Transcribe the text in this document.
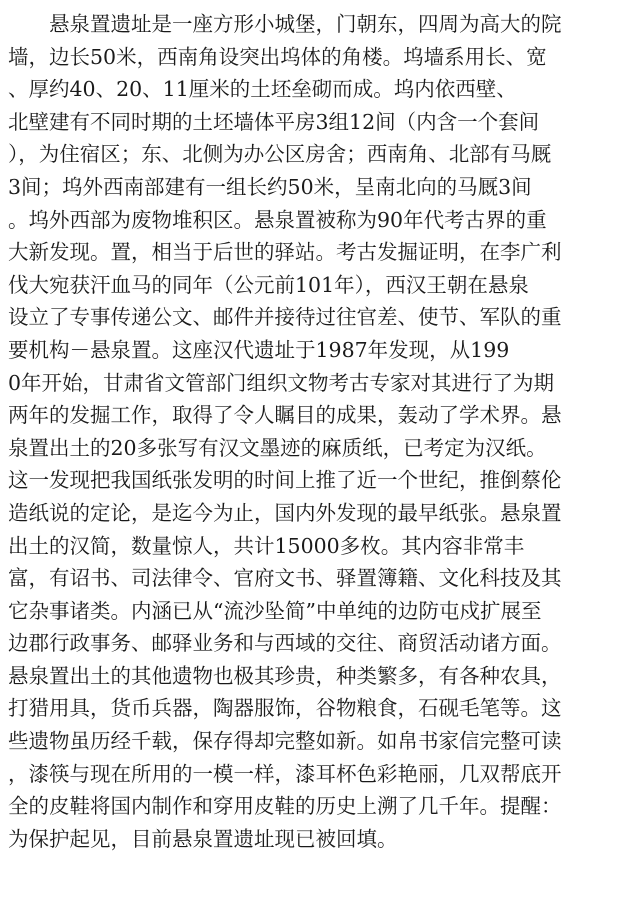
　　悬泉置遗址是一座方形小城堡，门朝东，四周为高大的院
墙，边长50米，西南角设突出坞体的角楼。坞墙系用长、宽
、厚约40、20、11厘米的土坯垒砌而成。坞内依西壁、
北壁建有不同时期的土坯墙体平房3组12间（内含一个套间
），为住宿区；东、北侧为办公区房舍；西南角、北部有马厩
3间；坞外西南部建有一组长约50米，呈南北向的马厩3间
。坞外西部为废物堆积区。悬泉置被称为90年代考古界的重
大新发现。置，相当于后世的驿站。考古发掘证明，在李广利
伐大宛获汗血马的同年（公元前101年），西汉王朝在悬泉
设立了专事传递公文、邮件并接待过往官差、使节、军队的重
要机构－悬泉置。这座汉代遗址于1987年发现，从199
0年开始，甘肃省文管部门组织文物考古专家对其进行了为期
两年的发掘工作，取得了令人瞩目的成果，轰动了学术界。悬
泉置出土的20多张写有汉文墨迹的麻质纸，已考定为汉纸。
这一发现把我国纸张发明的时间上推了近一个世纪，推倒蔡伦
造纸说的定论，是迄今为止，国内外发现的最早纸张。悬泉置
出土的汉简，数量惊人，共计15000多枚。其内容非常丰
富，有诏书、司法律令、官府文书、驿置簿籍、文化科技及其
它杂事诸类。内涵已从“流沙坠简”中单纯的边防屯戍扩展至
边郡行政事务、邮驿业务和与西域的交往、商贸活动诸方面。
悬泉置出土的其他遗物也极其珍贵，种类繁多，有各种农具，
打猎用具，货币兵器，陶器服饰，谷物粮食，石砚毛笔等。这
些遗物虽历经千载，保存得却完整如新。如帛书家信完整可读
，漆筷与现在所用的一模一样，漆耳杯色彩艳丽，几双帮底开
全的皮鞋将国内制作和穿用皮鞋的历史上溯了几千年。提醒：
为保护起见，目前悬泉置遗址现已被回填。
